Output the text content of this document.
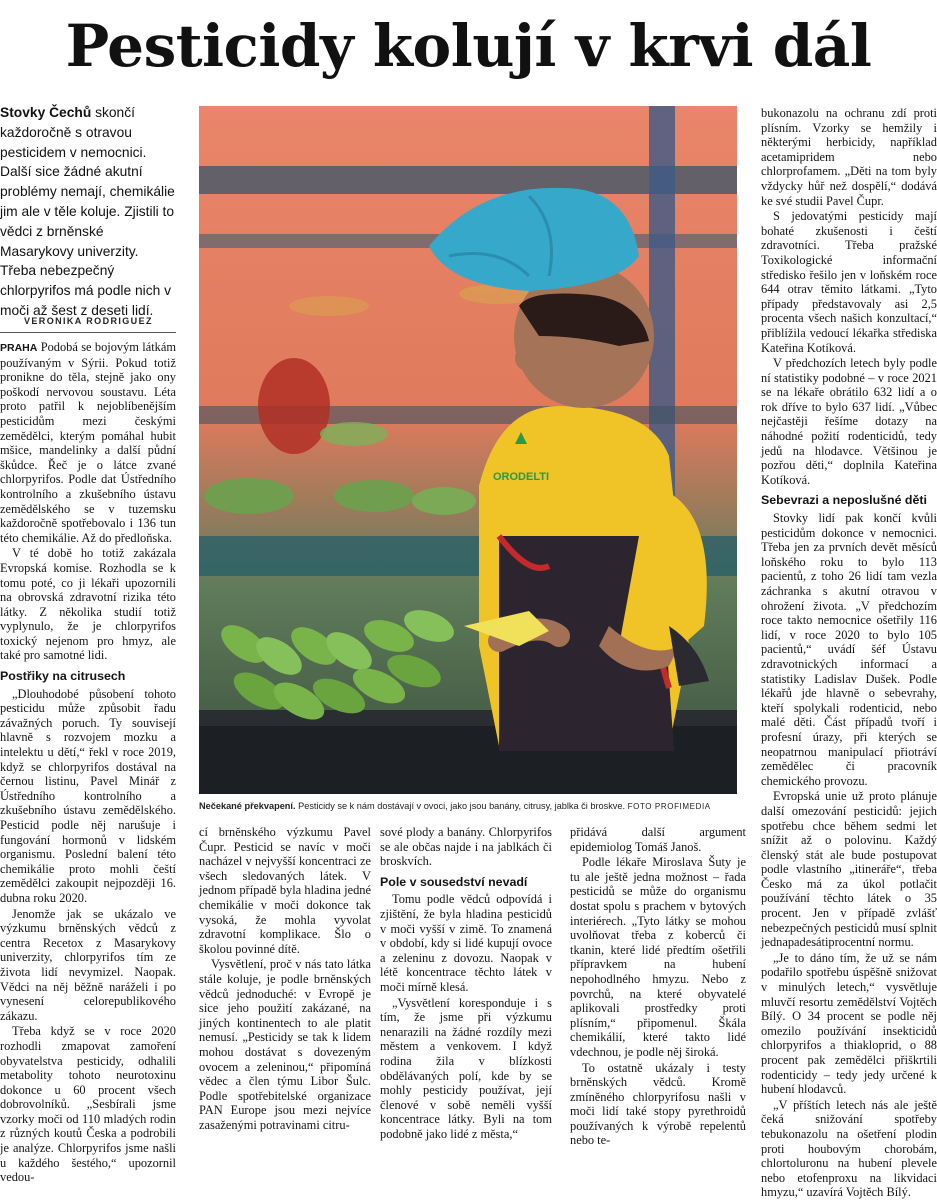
Pesticidy kolují v krvi dál

Stovky Čechů skončí každoročně s otravou pesticidem v nemocnici. Další sice žádné akutní problémy nemají, chemikálie jim ale v těle koluje. Zjistili to vědci z brněnské Masarykovy univerzity. Třeba nebezpečný chlorpyrifos má podle nich v moči až šest z deseti lidí.

VERONIKA RODRIGUEZ

PRAHA Podobá se bojovým látkám používaným v Sýrii. Pokud totiž pronikne do těla, stejně jako ony poškodí nervovou soustavu. Léta proto patřil k nejoblíbenějším pesticidům mezi českými zemědělci, kterým pomáhal hubit mšice, mandelinky a další půdní škůdce. Řeč je o látce zvané chlorpyrifos. Podle dat Ústředního kontrolního a zkušebního ústavu zemědělského se v tuzemsku každoročně spotřebovalo i 136 tun této chemikálie. Až do předloňska.

V té době ho totiž zakázala Evropská komise. Rozhodla se k tomu poté, co ji lékaři upozornili na obrovská zdravotní rizika této látky. Z několika studií totiž vyplynulo, že je chlorpyrifos toxický nejenom pro hmyz, ale také pro samotné lidi.

Postřiky na citrusech

„Dlouhodobé působení tohoto pesticidu může způsobit řadu závažných poruch. Ty souvisejí hlavně s rozvojem mozku a intelektu u dětí,“ řekl v roce 2019, když se chlorpyrifos dostával na černou listinu, Pavel Minář z Ústředního kontrolního a zkušebního ústavu zemědělského. Pesticid podle něj narušuje i fungování hormonů v lidském organismu. Poslední balení této chemikálie proto mohli čeští zemědělci zakoupit nejpozději 16. dubna roku 2020.

Jenomže jak se ukázalo ve výzkumu brněnských vědců z centra Recetox z Masarykovy univerzity, chlorpyrifos tím ze života lidí nevymizel. Naopak. Vědci na něj běžně naráželi i po vynesení celorepublikového zákazu.

Třeba když se v roce 2020 rozhodli zmapovat zamoření obyvatelstva pesticidy, odhalili metabolity tohoto neurotoxinu dokonce u 60 procent všech dobrovolníků. „Sesbírali jsme vzorky moči od 110 mladých rodin z různých koutů Česka a podrobili je analýze. Chlorpyrifos jsme našli u každého šestého,“ upozornil vedou-

ORODELTI
Nečekané překvapení. Pesticidy se k nám dostávají v ovoci, jako jsou banány, citrusy, jablka či broskve. FOTO PROFIMEDIA

cí brněnského výzkumu Pavel Čupr. Pesticid se navíc v moči nacházel v nejvyšší koncentraci ze všech sledovaných látek. V jednom případě byla hladina jedné chemikálie v moči dokonce tak vysoká, že mohla vyvolat zdravotní komplikace. Šlo o školou povinné dítě.

Vysvětlení, proč v nás tato látka stále koluje, je podle brněnských vědců jednoduché: v Evropě je sice jeho použití zakázané, na jiných kontinentech to ale platit nemusí. „Pesticidy se tak k lidem mohou dostávat s dovezeným ovocem a zeleninou,“ připomíná vědec a člen týmu Libor Šulc. Podle spotřebitelské organizace PAN Europe jsou mezi nejvíce zasaženými potravinami citru-

sové plody a banány. Chlorpyrifos se ale občas najde i na jablkách či broskvích.

Pole v sousedství nevadí

Tomu podle vědců odpovídá i zjištění, že byla hladina pesticidů v moči vyšší v zimě. To znamená v období, kdy si lidé kupují ovoce a zeleninu z dovozu. Naopak v létě koncentrace těchto látek v moči mírně klesá.

„Vysvětlení koresponduje i s tím, že jsme při výzkumu nenarazili na žádné rozdíly mezi městem a venkovem. I když rodina žila v blízkosti obdělávaných polí, kde by se mohly pesticidy používat, její členové v sobě neměli vyšší koncentrace látky. Byli na tom podobně jako lidé z města,“

přidává další argument epidemiolog Tomáš Janoš.

Podle lékaře Miroslava Šuty je tu ale ještě jedna možnost – řada pesticidů se může do organismu dostat spolu s prachem v bytových interiérech. „Tyto látky se mohou uvolňovat třeba z koberců či tkanin, které lidé předtím ošetřili přípravkem na hubení nepohodlného hmyzu. Nebo z povrchů, na které obyvatelé aplikovali prostředky proti plísním,“ připomenul. Škála chemikálií, které takto lidé vdechnou, je podle něj široká.

To ostatně ukázaly i testy brněnských vědců. Kromě zmíněného chlorpyrifosu našli v moči lidí také stopy pyrethroidů používaných k výrobě repelentů nebo te-

bukonazolu na ochranu zdí proti plísním. Vzorky se hemžily i některými herbicidy, například acetamipridem nebo chlorprofamem. „Děti na tom byly vždycky hůř než dospělí,“ dodává ke své studii Pavel Čupr.

S jedovatými pesticidy mají bohaté zkušenosti i čeští zdravotníci. Třeba pražské Toxikologické informační středisko řešilo jen v loňském roce 644 otrav těmito látkami. „Tyto případy představovaly asi 2,5 procenta všech našich konzultací,“ přiblížila vedoucí lékařka střediska Kateřina Kotíková.

V předchozích letech byly podle ní statistiky podobné – v roce 2021 se na lékaře obrátilo 632 lidí a o rok dříve to bylo 637 lidí. „Vůbec nejčastěji řešíme dotazy na náhodné požití rodenticidů, tedy jedů na hlodavce. Většinou je pozřou děti,“ doplnila Kateřina Kotíková.

Sebevrazi a neposlušné děti

Stovky lidí pak končí kvůli pesticidům dokonce v nemocnici. Třeba jen za prvních devět měsíců loňského roku to bylo 113 pacientů, z toho 26 lidí tam vezla záchranka s akutní otravou v ohrožení života. „V předchozím roce takto nemocnice ošetřily 116 lidí, v roce 2020 to bylo 105 pacientů,“ uvádí šéf Ústavu zdravotnických informací a statistiky Ladislav Dušek. Podle lékařů jde hlavně o sebevrahy, kteří spolykali rodenticid, nebo malé děti. Část případů tvoří i profesní úrazy, při kterých se neopatrnou manipulací přiotráví zemědělec či pracovník chemického provozu.

Evropská unie už proto plánuje další omezování pesticidů: jejich spotřebu chce během sedmi let snížit až o polovinu. Každý členský stát ale bude postupovat podle vlastního „itineráře“, třeba Česko má za úkol potlačit používání těchto látek o 35 procent. Jen v případě zvlášť nebezpečných pesticidů musí splnit jednapadesátiprocentní normu.

„Je to dáno tím, že už se nám podařilo spotřebu úspěšně snižovat v minulých letech,“ vysvětluje mluvčí resortu zemědělství Vojtěch Bílý. O 34 procent se podle něj omezilo používání insekticidů chlorpyrifos a thiakloprid, o 88 procent pak zemědělci přiškrtili rodenticidy – tedy jedy určené k hubení hlodavců.

„V příštích letech nás ale ještě čeká snižování spotřeby tebukonazolu na ošetření plodin proti houbovým chorobám, chlortoluronu na hubení plevele nebo etofenproxu na likvidaci hmyzu,“ uzavírá Vojtěch Bílý.
